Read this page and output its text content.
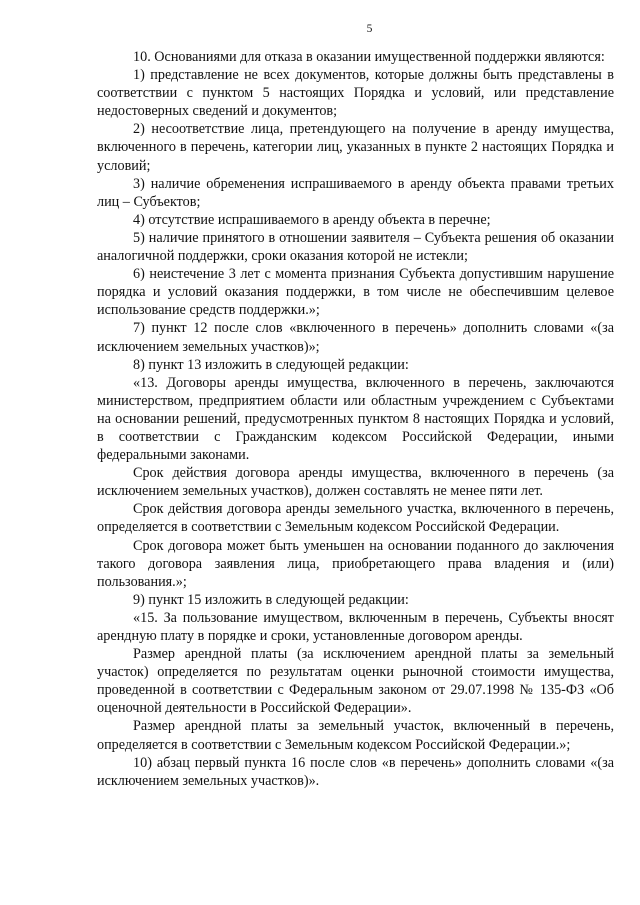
5

10. Основаниями для отказа в оказании имущественной поддержки являются:

1) представление не всех документов, которые должны быть представлены в соответствии с пунктом 5 настоящих Порядка и условий, или представление недостоверных сведений и документов;

2) несоответствие лица, претендующего на получение в аренду имущества, включенного в перечень, категории лиц, указанных в пункте 2 настоящих Порядка и условий;

3) наличие обременения испрашиваемого в аренду объекта правами третьих лиц – Субъектов;

4) отсутствие испрашиваемого в аренду объекта в перечне;

5) наличие принятого в отношении заявителя – Субъекта решения об оказании аналогичной поддержки, сроки оказания которой не истекли;

6) неистечение 3 лет с момента признания Субъекта допустившим нарушение порядка и условий оказания поддержки, в том числе не обеспечившим целевое использование средств поддержки.»;

7) пункт 12 после слов «включенного в перечень» дополнить словами «(за исключением земельных участков)»;

8) пункт 13 изложить в следующей редакции:

«13. Договоры аренды имущества, включенного в перечень, заключаются министерством, предприятием области или областным учреждением с Субъектами на основании решений, предусмотренных пунктом 8 настоящих Порядка и условий, в соответствии с Гражданским кодексом Российской Федерации, иными федеральными законами.

Срок действия договора аренды имущества, включенного в перечень (за исключением земельных участков), должен составлять не менее пяти лет.

Срок действия договора аренды земельного участка, включенного в перечень, определяется в соответствии с Земельным кодексом Российской Федерации.

Срок договора может быть уменьшен на основании поданного до заключения такого договора заявления лица, приобретающего права владения и (или) пользования.»;

9) пункт 15 изложить в следующей редакции:

«15. За пользование имуществом, включенным в перечень, Субъекты вносят арендную плату в порядке и сроки, установленные договором аренды.

Размер арендной платы (за исключением арендной платы за земельный участок) определяется по результатам оценки рыночной стоимости имущества, проведенной в соответствии с Федеральным законом от 29.07.1998 № 135-ФЗ «Об оценочной деятельности в Российской Федерации».

Размер арендной платы за земельный участок, включенный в перечень, определяется в соответствии с Земельным кодексом Российской Федерации.»;

10) абзац первый пункта 16 после слов «в перечень» дополнить словами «(за исключением земельных участков)».
